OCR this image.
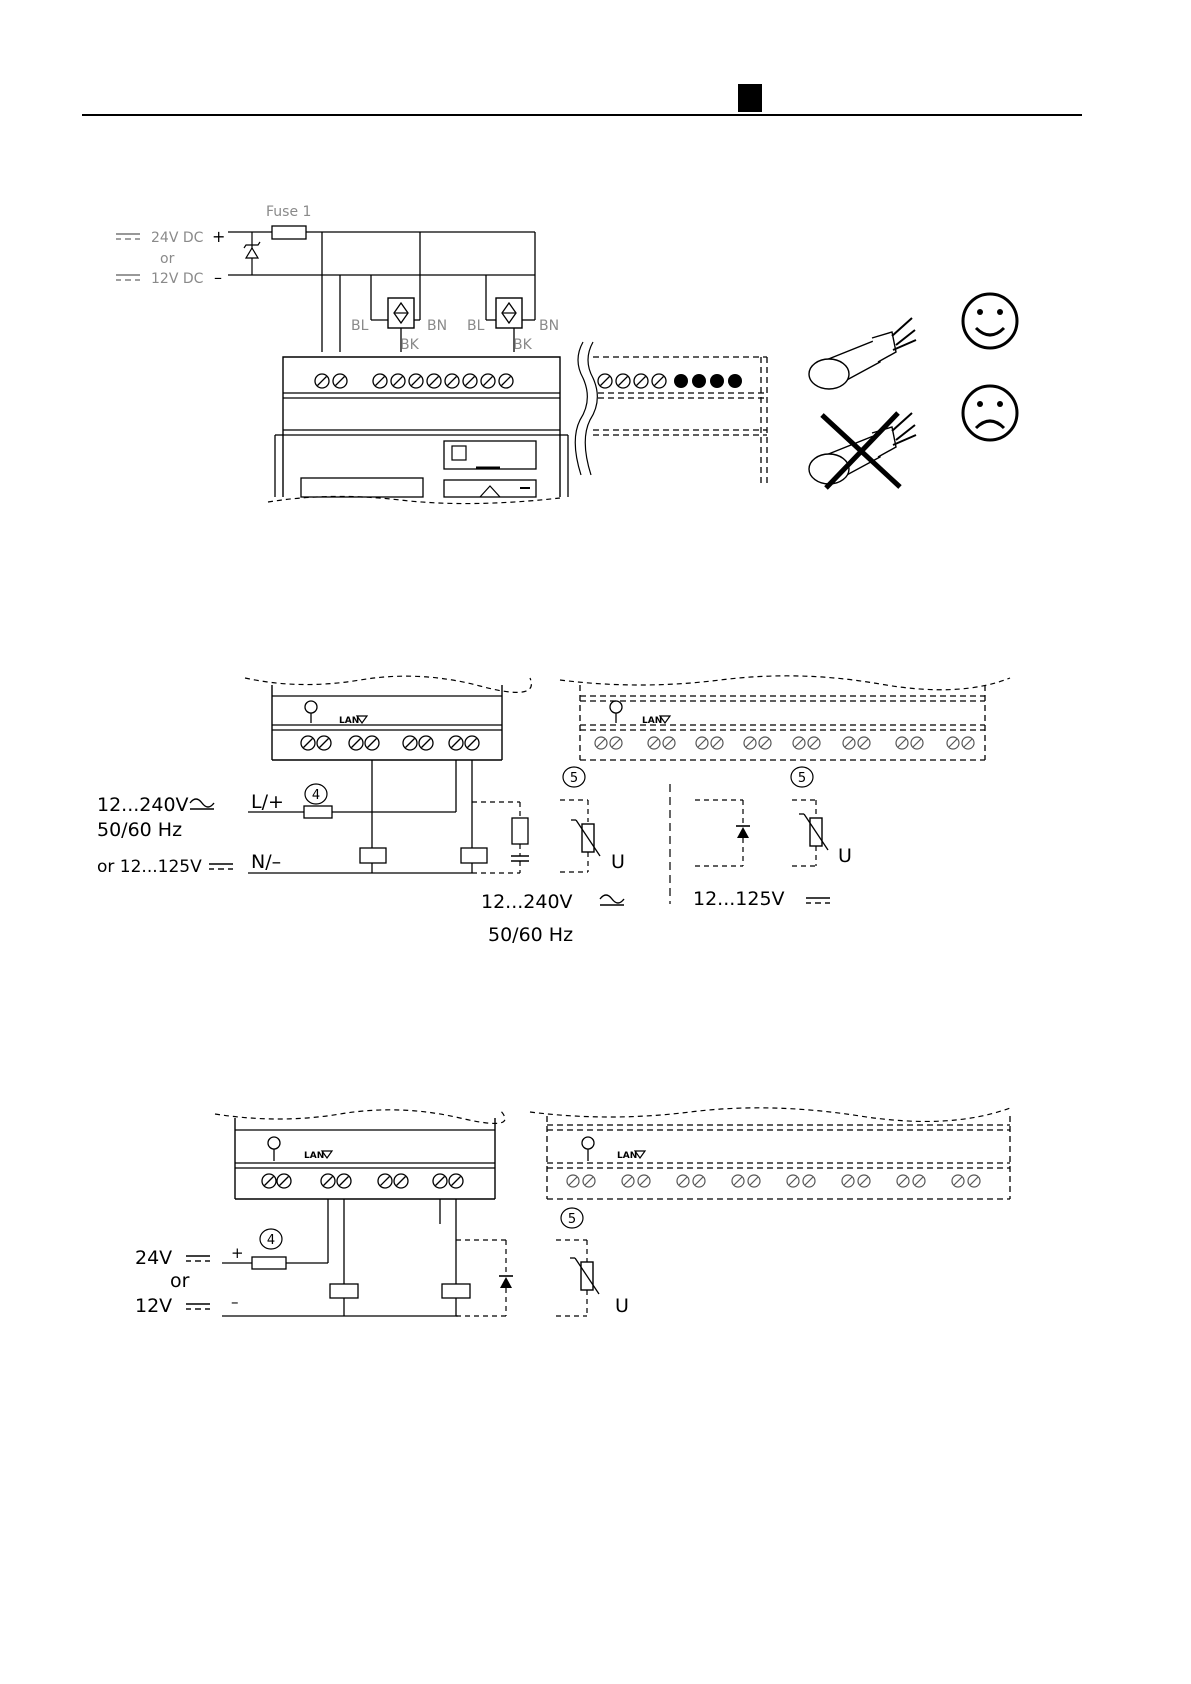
24V DC +
or
12V DC –
Fuse 1
BL	BN
BK
BL	BN
BK
LAN	LAN
12...240V
50/60 Hz
or 12...125V
L/+
N/–
4
5
U
5
U
12...240V
50/60 Hz
12...125V
LAN	LAN
24V
or
12V
+
–
4
5
U
